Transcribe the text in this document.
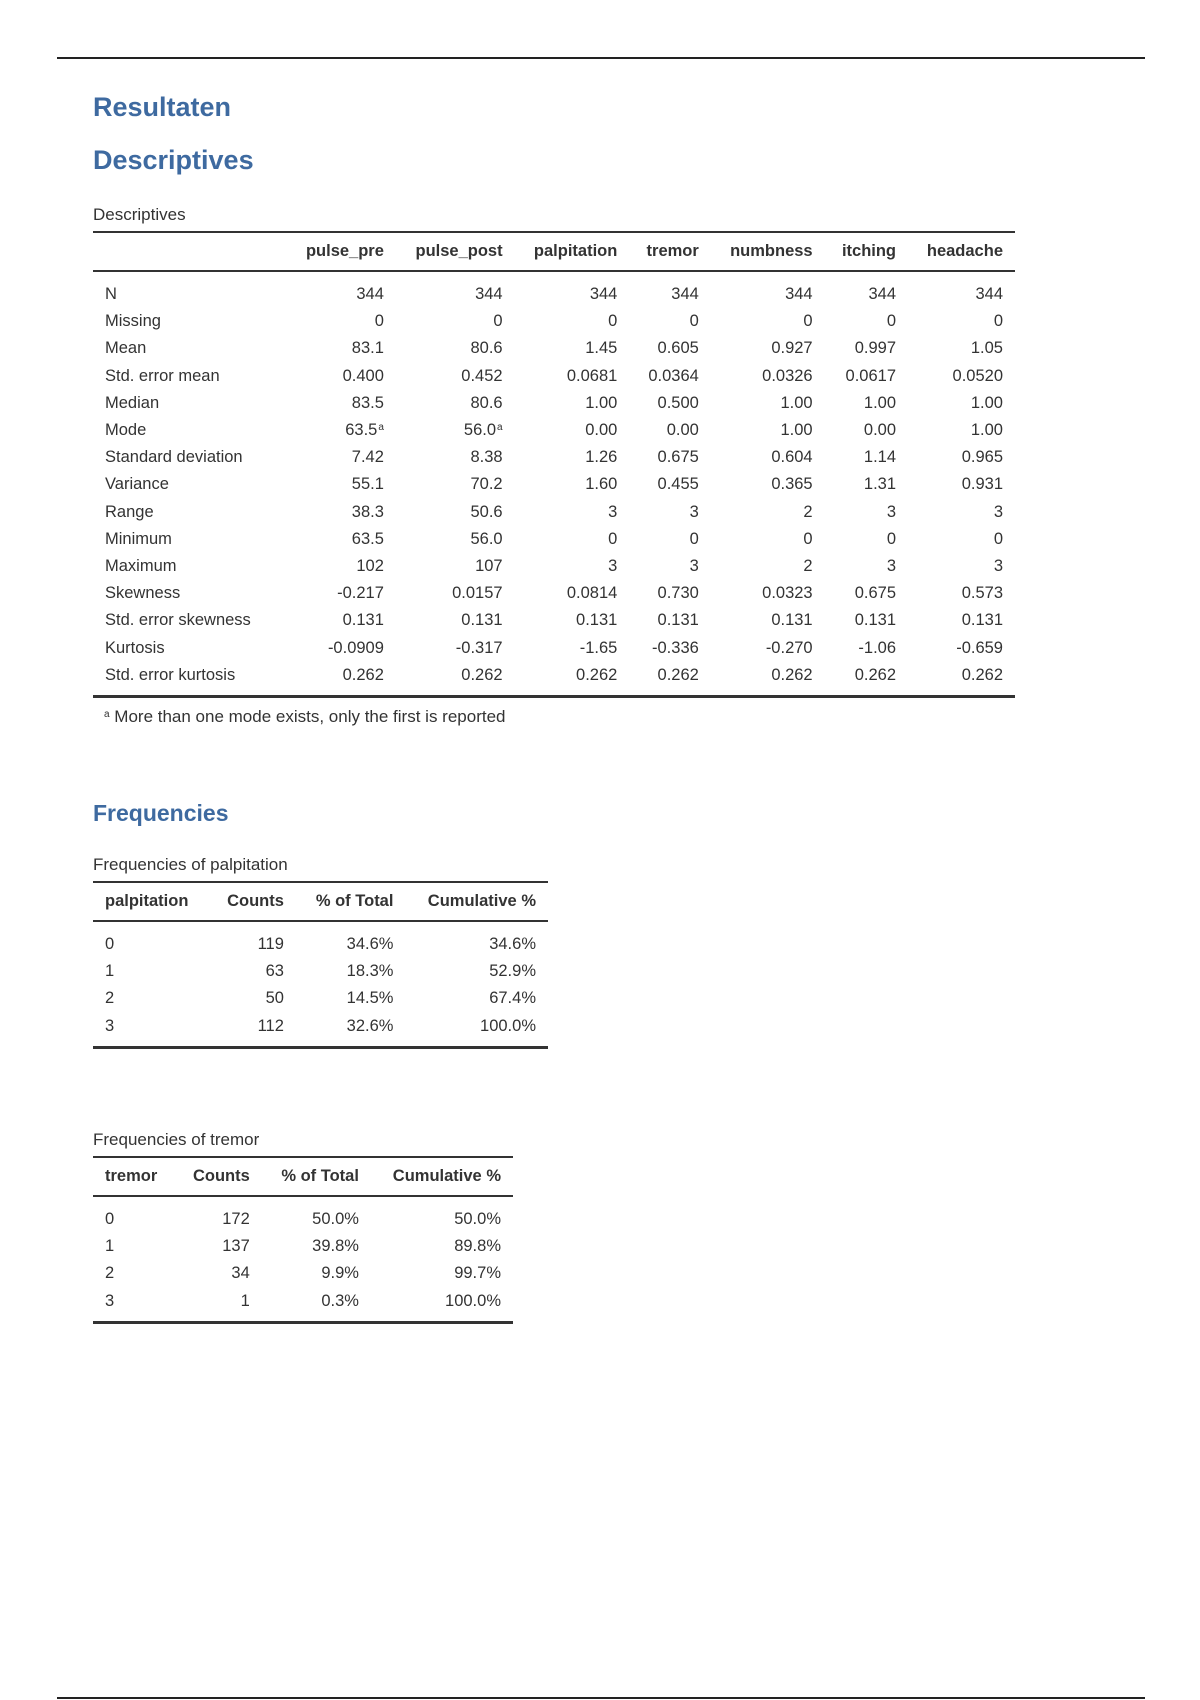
Resultaten
Descriptives
Descriptives
	pulse_pre	pulse_post	palpitation	tremor	numbness	itching	headache

N	344	344	344	344	344	344	344
Missing	0	0	0	0	0	0	0
Mean	83.1	80.6	1.45	0.605	0.927	0.997	1.05
Std. error mean	0.400	0.452	0.0681	0.0364	0.0326	0.0617	0.0520
Median	83.5	80.6	1.00	0.500	1.00	1.00	1.00
Mode	63.5$^a$	56.0$^a$	0.00	0.00	1.00	0.00	1.00
Standard deviation	7.42	8.38	1.26	0.675	0.604	1.14	0.965
Variance	55.1	70.2	1.60	0.455	0.365	1.31	0.931
Range	38.3	50.6	3	3	2	3	3
Minimum	63.5	56.0	0	0	0	0	0
Maximum	102	107	3	3	2	3	3
Skewness	-0.217	0.0157	0.0814	0.730	0.0323	0.675	0.573
Std. error skewness	0.131	0.131	0.131	0.131	0.131	0.131	0.131
Kurtosis	-0.0909	-0.317	-1.65	-0.336	-0.270	-1.06	-0.659
Std. error kurtosis	0.262	0.262	0.262	0.262	0.262	0.262	0.262
$^a$ More than one mode exists, only the first is reported
Frequencies
Frequencies of palpitation
palpitation	Counts	% of Total	Cumulative %

0	119	34.6%	34.6%
1	63	18.3%	52.9%
2	50	14.5%	67.4%
3	112	32.6%	100.0%
Frequencies of tremor
tremor	Counts	% of Total	Cumulative %

0	172	50.0%	50.0%
1	137	39.8%	89.8%
2	34	9.9%	99.7%
3	1	0.3%	100.0%
